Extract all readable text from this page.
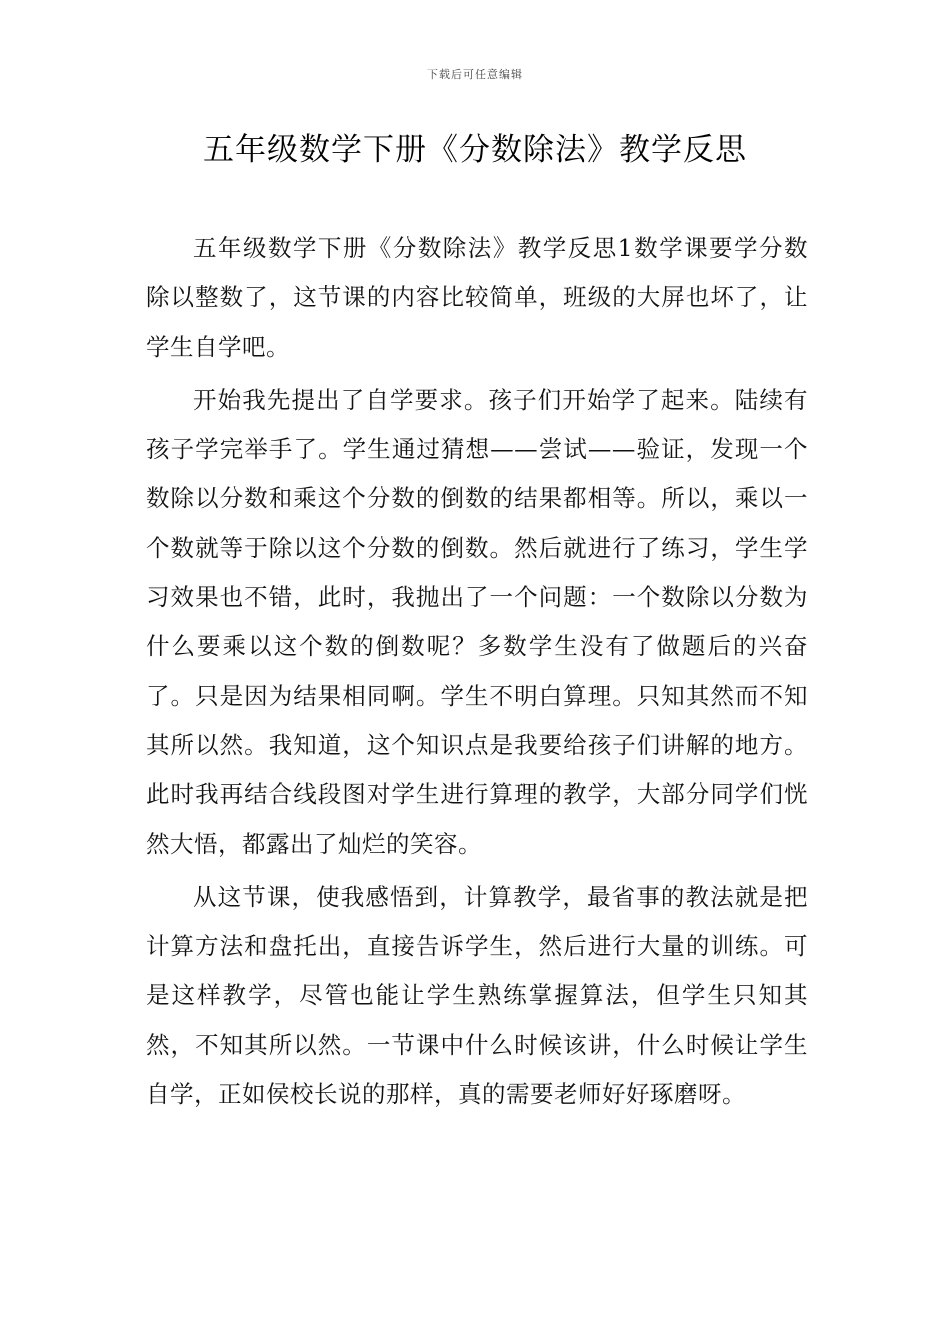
下载后可任意编辑
五年级数学下册《分数除法》教学反思

五年级数学下册《分数除法》教学反思1数学课要学分数除以整数了，这节课的内容比较简单，班级的大屏也坏了，让学生自学吧。

开始我先提出了自学要求。孩子们开始学了起来。陆续有孩子学完举手了。学生通过猜想——尝试——验证，发现一个数除以分数和乘这个分数的倒数的结果都相等。所以，乘以一个数就等于除以这个分数的倒数。然后就进行了练习，学生学习效果也不错，此时，我抛出了一个问题：一个数除以分数为什么要乘以这个数的倒数呢？多数学生没有了做题后的兴奋了。只是因为结果相同啊。学生不明白算理。只知其然而不知其所以然。我知道，这个知识点是我要给孩子们讲解的地方。此时我再结合线段图对学生进行算理的教学，大部分同学们恍然大悟，都露出了灿烂的笑容。

从这节课，使我感悟到，计算教学，最省事的教法就是把计算方法和盘托出，直接告诉学生，然后进行大量的训练。可是这样教学，尽管也能让学生熟练掌握算法，但学生只知其然，不知其所以然。一节课中什么时候该讲，什么时候让学生自学，正如侯校长说的那样，真的需要老师好好琢磨呀。
